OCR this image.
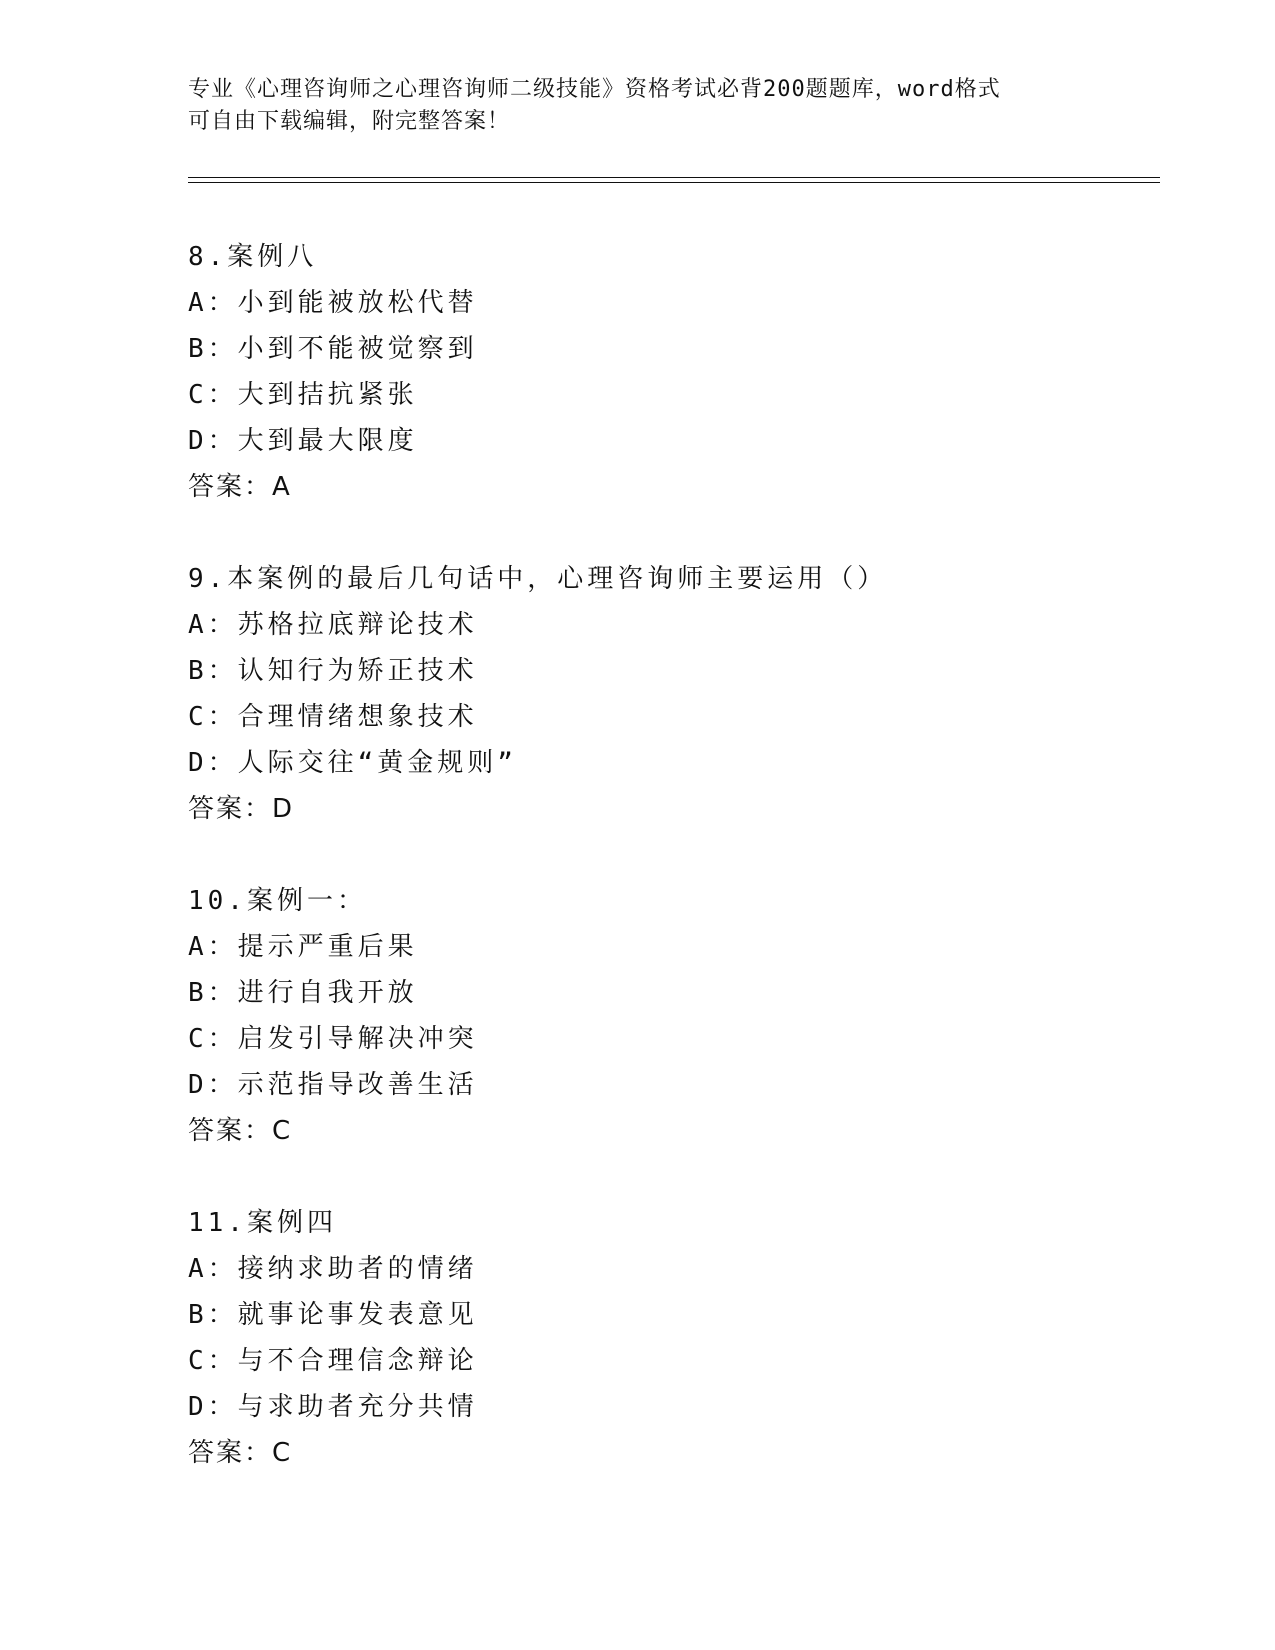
专业《心理咨询师之心理咨询师二级技能》资格考试必背200题题库，word格式
可自由下载编辑，附完整答案！
8.案例八
A：小到能被放松代替
B：小到不能被觉察到
C：大到拮抗紧张
D：大到最大限度
答案：A
9.本案例的最后几句话中，心理咨询师主要运用（）
A：苏格拉底辩论技术
B：认知行为矫正技术
C：合理情绪想象技术
D：人际交往“黄金规则”
答案：D
10.案例一：
A：提示严重后果
B：进行自我开放
C：启发引导解决冲突
D：示范指导改善生活
答案：C
11.案例四
A：接纳求助者的情绪
B：就事论事发表意见
C：与不合理信念辩论
D：与求助者充分共情
答案：C
